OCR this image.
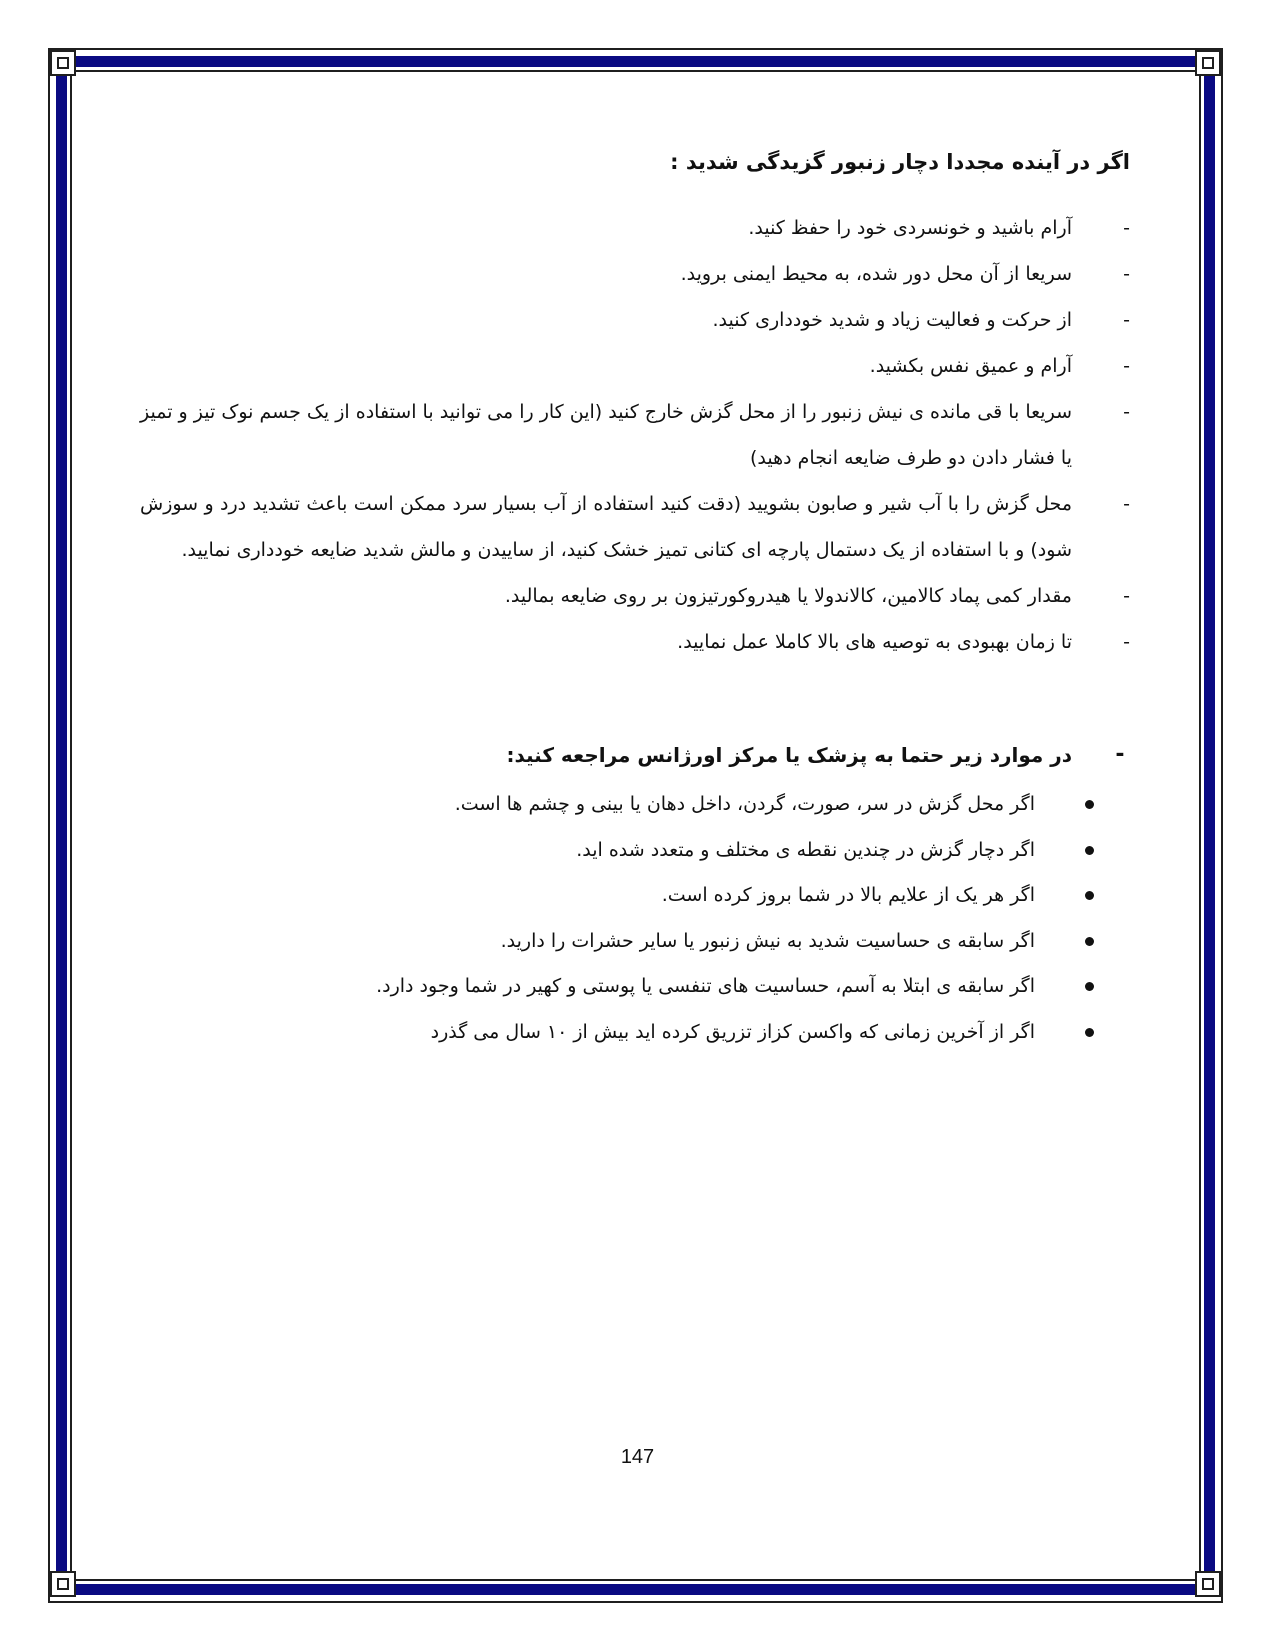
اگر در آینده مجددا دچار زنبور گزیدگی شدید :
-
آرام باشید و خونسردی خود را حفظ کنید.
-
سریعا از آن محل دور شده، به محیط ایمنی بروید.
-
از حرکت و فعالیت زیاد و شدید خودداری کنید.
-
آرام و عمیق نفس بکشید.
-
سریعا با قی مانده ی نیش زنبور را از محل گزش خارج کنید (این کار را می توانید با استفاده از یک جسم نوک تیز و تمیز یا فشار دادن دو طرف ضایعه انجام دهید)
-
محل گزش را با آب شیر و صابون بشویید (دقت کنید استفاده از آب بسیار سرد ممکن است باعث تشدید درد و سوزش شود) و با استفاده از یک دستمال پارچه ای کتانی تمیز خشک کنید، از ساییدن و مالش شدید ضایعه خودداری نمایید.
-
مقدار کمی پماد کالامین، کالاندولا یا هیدروکورتیزون بر روی ضایعه بمالید.
-
تا زمان بهبودی به توصیه های بالا کاملا عمل نمایید.
-
در موارد زیر حتما به پزشک یا مرکز اورژانس مراجعه کنید:
اگر محل گزش در سر، صورت، گردن، داخل دهان یا بینی و چشم ها است.
اگر دچار گزش در چندین نقطه ی مختلف و متعدد شده اید.
اگر هر یک از علایم بالا در شما بروز کرده است.
اگر سابقه ی حساسیت شدید به نیش زنبور یا سایر حشرات را دارید.
اگر سابقه ی ابتلا به آسم، حساسیت های تنفسی یا پوستی و کهیر در شما وجود دارد.
اگر از آخرین زمانی که واکسن کزاز تزریق کرده اید بیش از ۱۰ سال می گذرد
147
